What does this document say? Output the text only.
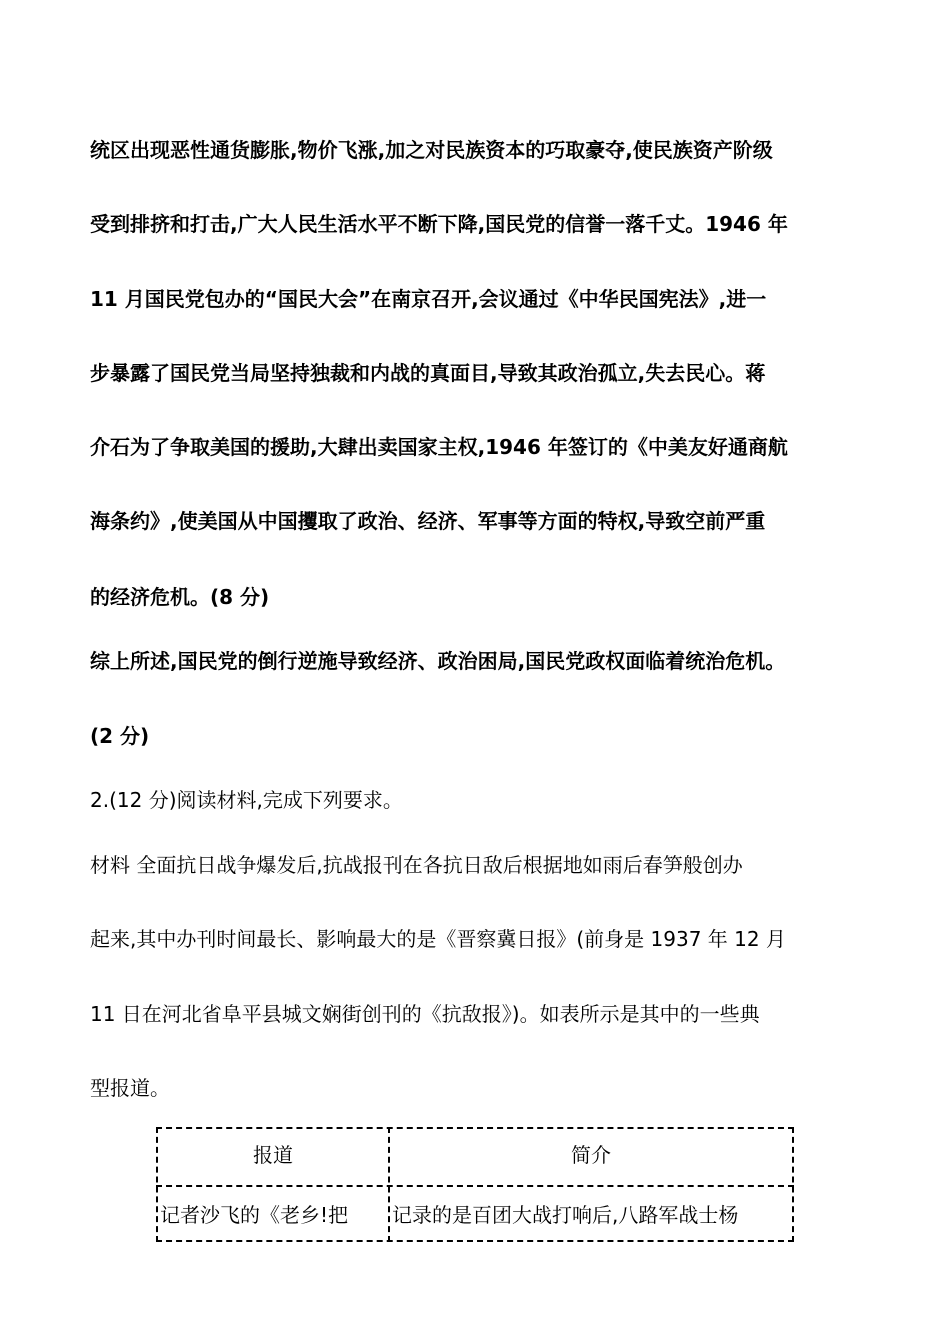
统区出现恶性通货膨胀,物价飞涨,加之对民族资本的巧取豪夺,使民族资产阶级
受到排挤和打击,广大人民生活水平不断下降,国民党的信誉一落千丈。1946 年
11 月国民党包办的“国民大会”在南京召开,会议通过《中华民国宪法》,进一
步暴露了国民党当局坚持独裁和内战的真面目,导致其政治孤立,失去民心。蒋
介石为了争取美国的援助,大肆出卖国家主权,1946 年签订的《中美友好通商航
海条约》,使美国从中国攫取了政治、经济、军事等方面的特权,导致空前严重
的经济危机。(8 分)
综上所述,国民党的倒行逆施导致经济、政治困局,国民党政权面临着统治危机。
(2 分)
2.(12 分)阅读材料,完成下列要求。
材料 全面抗日战争爆发后,抗战报刊在各抗日敌后根据地如雨后春笋般创办
起来,其中办刊时间最长、影响最大的是《晋察冀日报》(前身是 1937 年 12 月
11 日在河北省阜平县城文娴街创刊的《抗敌报》)。如表所示是其中的一些典
型报道。
报道	简介
记者沙飞的《老乡!把	记录的是百团大战打响后,八路军战士杨
